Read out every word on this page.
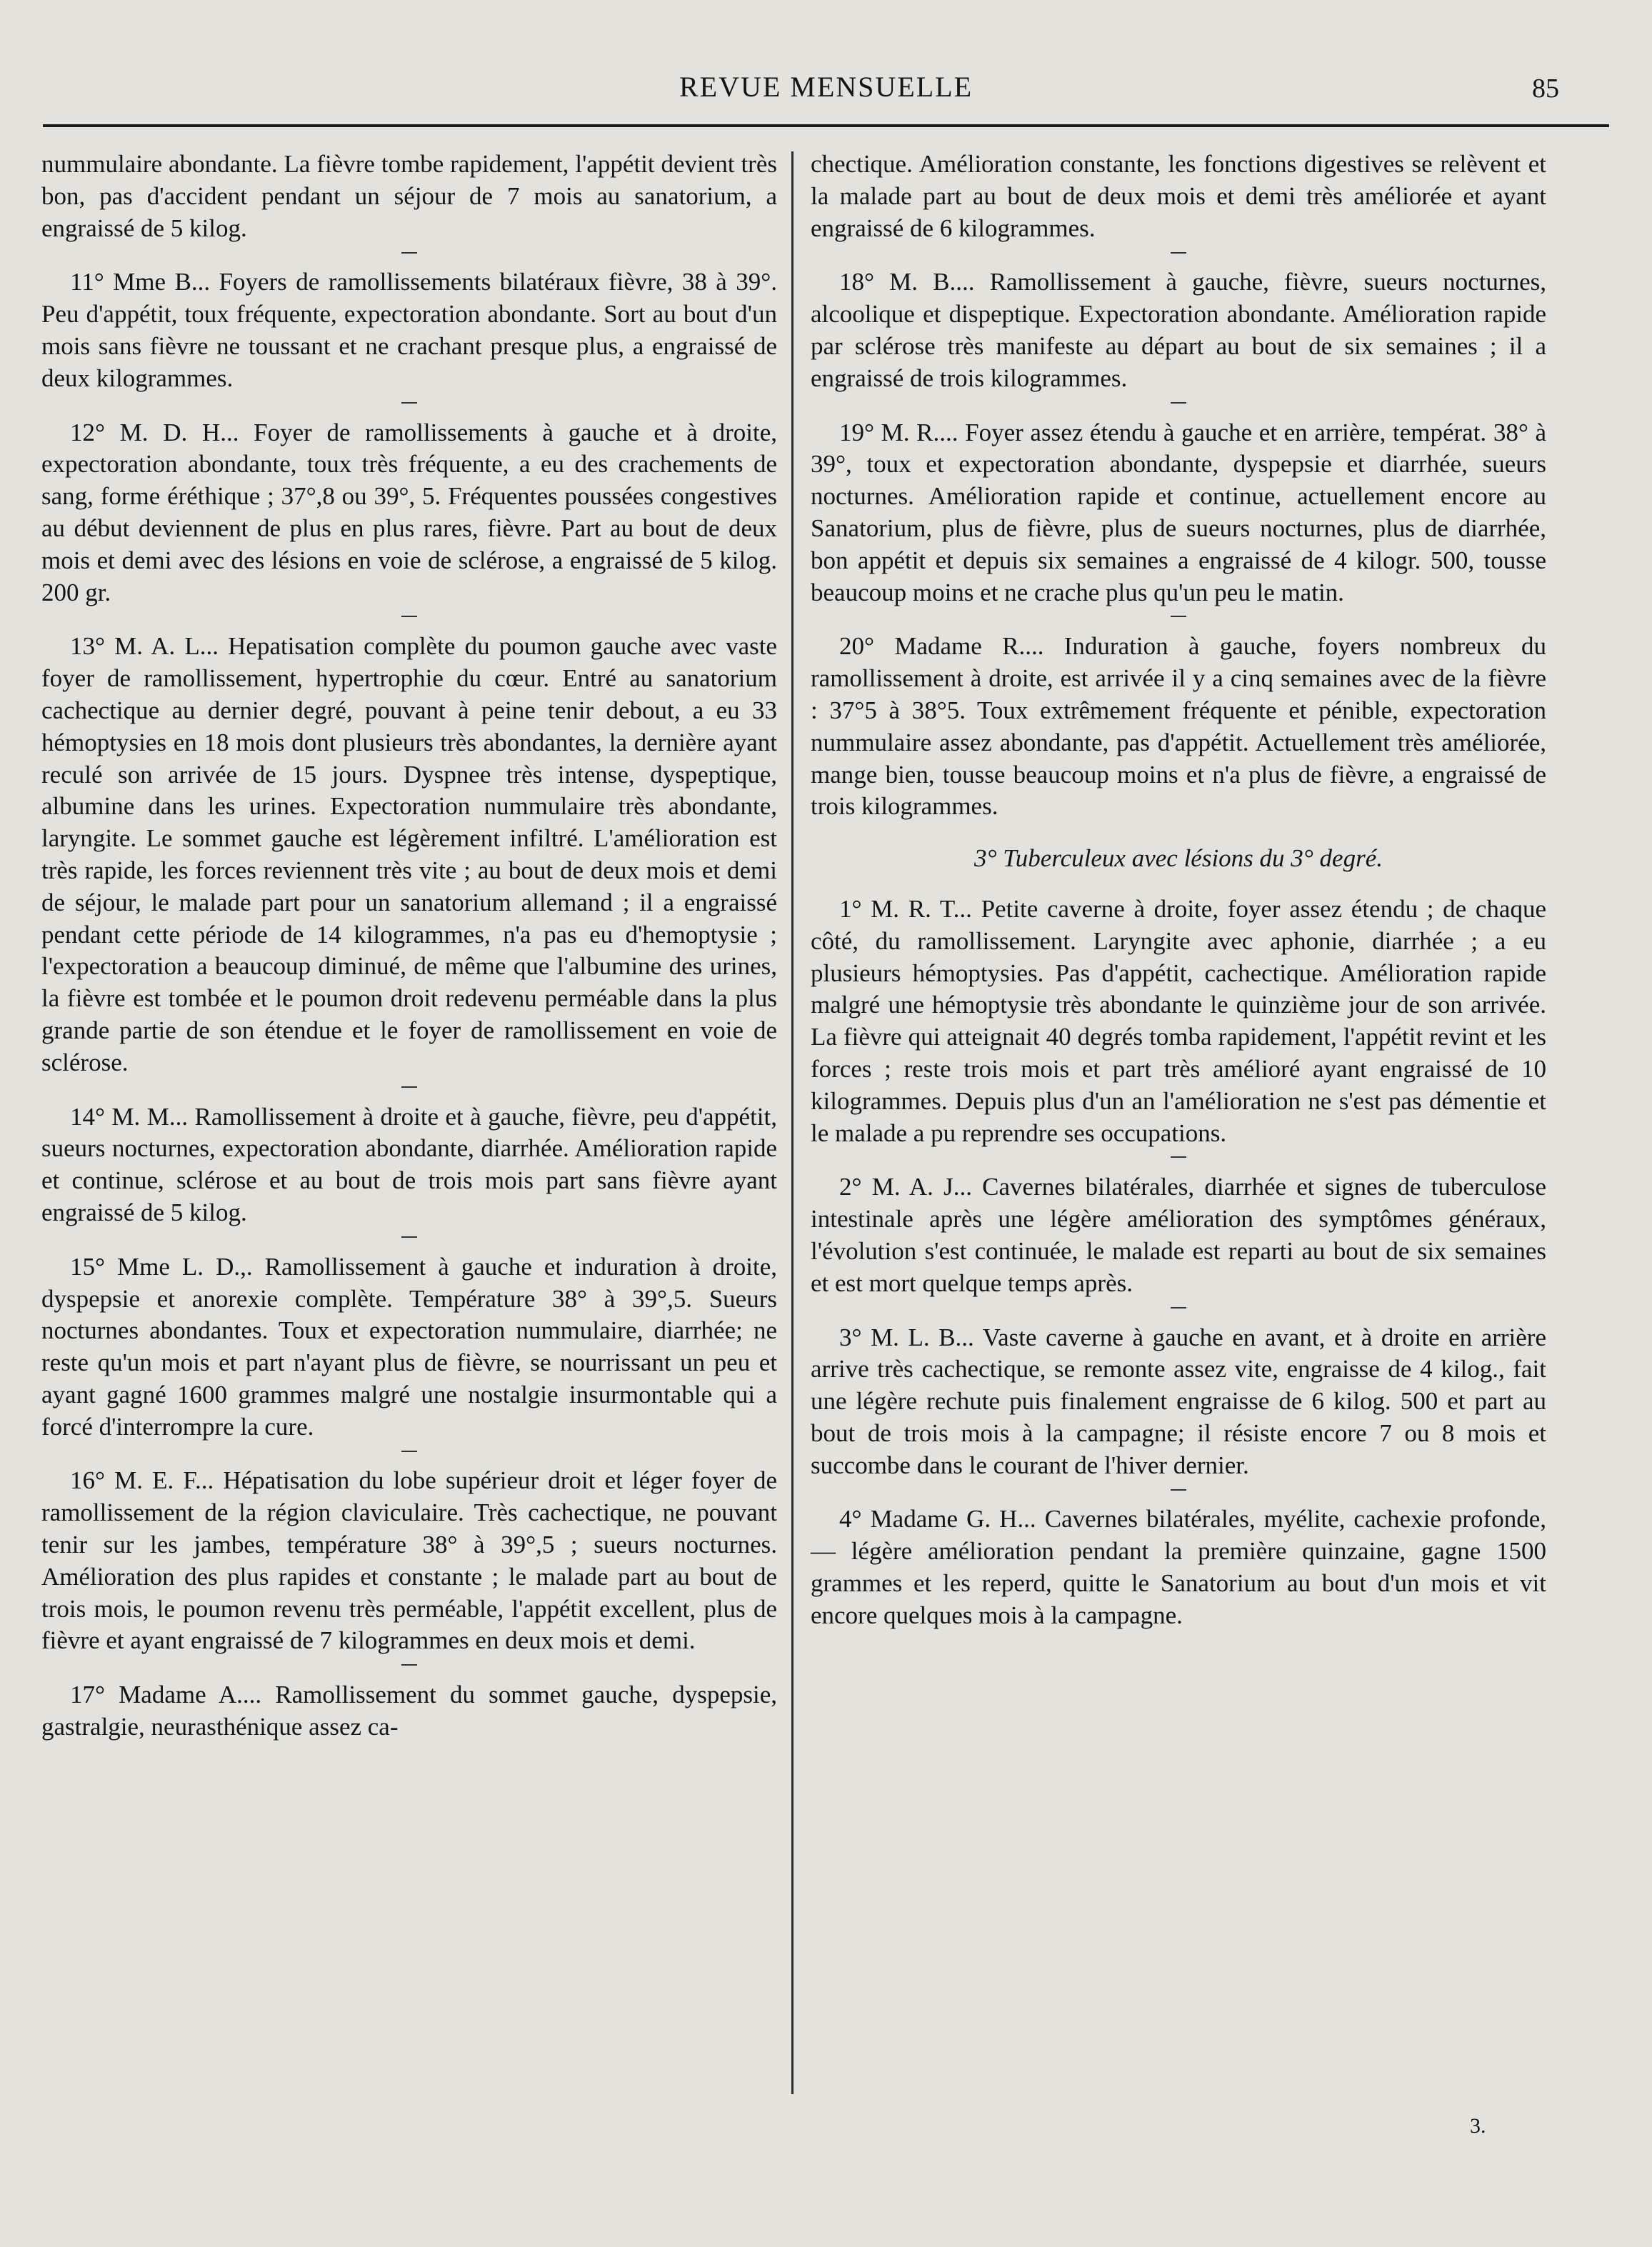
REVUE MENSUELLE	85

nummulaire abondante. La fièvre tombe rapidement, l'appétit devient très bon, pas d'accident pendant un séjour de 7 mois au sanatorium, a engraissé de 5 kilog.

11° Mme B... Foyers de ramollissements bilatéraux fièvre, 38 à 39°. Peu d'appétit, toux fréquente, expectoration abondante. Sort au bout d'un mois sans fièvre ne toussant et ne crachant presque plus, a engraissé de deux kilogrammes.

12° M. D. H... Foyer de ramollissements à gauche et à droite, expectoration abondante, toux très fréquente, a eu des crachements de sang, forme éréthique ; 37°,8 ou 39°, 5. Fréquentes poussées congestives au début deviennent de plus en plus rares, fièvre. Part au bout de deux mois et demi avec des lésions en voie de sclérose, a engraissé de 5 kilog. 200 gr.

13° M. A. L... Hepatisation complète du poumon gauche avec vaste foyer de ramollissement, hypertrophie du cœur. Entré au sanatorium cachectique au dernier degré, pouvant à peine tenir debout, a eu 33 hémoptysies en 18 mois dont plusieurs très abondantes, la dernière ayant reculé son arrivée de 15 jours. Dyspnee très intense, dyspeptique, albumine dans les urines. Expectoration nummulaire très abondante, laryngite. Le sommet gauche est légèrement infiltré. L'amélioration est très rapide, les forces reviennent très vite ; au bout de deux mois et demi de séjour, le malade part pour un sanatorium allemand ; il a engraissé pendant cette période de 14 kilogrammes, n'a pas eu d'hemoptysie ; l'expectoration a beaucoup diminué, de même que l'albumine des urines, la fièvre est tombée et le poumon droit redevenu perméable dans la plus grande partie de son étendue et le foyer de ramollissement en voie de sclérose.

14° M. M... Ramollissement à droite et à gauche, fièvre, peu d'appétit, sueurs nocturnes, expectoration abondante, diarrhée. Amélioration rapide et continue, sclérose et au bout de trois mois part sans fièvre ayant engraissé de 5 kilog.

15° Mme L. D.,. Ramollissement à gauche et induration à droite, dyspepsie et anorexie complète. Température 38° à 39°,5. Sueurs nocturnes abondantes. Toux et expectoration nummulaire, diarrhée; ne reste qu'un mois et part n'ayant plus de fièvre, se nourrissant un peu et ayant gagné 1600 grammes malgré une nostalgie insurmontable qui a forcé d'interrompre la cure.

16° M. E. F... Hépatisation du lobe supérieur droit et léger foyer de ramollissement de la région claviculaire. Très cachectique, ne pouvant tenir sur les jambes, température 38° à 39°,5 ; sueurs nocturnes. Amélioration des plus rapides et constante ; le malade part au bout de trois mois, le poumon revenu très perméable, l'appétit excellent, plus de fièvre et ayant engraissé de 7 kilogrammes en deux mois et demi.

17° Madame A.... Ramollissement du sommet gauche, dyspepsie, gastralgie, neurasthénique assez ca-

chectique. Amélioration constante, les fonctions digestives se relèvent et la malade part au bout de deux mois et demi très améliorée et ayant engraissé de 6 kilogrammes.

18° M. B.... Ramollissement à gauche, fièvre, sueurs nocturnes, alcoolique et dispeptique. Expectoration abondante. Amélioration rapide par sclérose très manifeste au départ au bout de six semaines ; il a engraissé de trois kilogrammes.

19° M. R.... Foyer assez étendu à gauche et en arrière, températ. 38° à 39°, toux et expectoration abondante, dyspepsie et diarrhée, sueurs nocturnes. Amélioration rapide et continue, actuellement encore au Sanatorium, plus de fièvre, plus de sueurs nocturnes, plus de diarrhée, bon appétit et depuis six semaines a engraissé de 4 kilogr. 500, tousse beaucoup moins et ne crache plus qu'un peu le matin.

20° Madame R.... Induration à gauche, foyers nombreux du ramollissement à droite, est arrivée il y a cinq semaines avec de la fièvre : 37°5 à 38°5. Toux extrêmement fréquente et pénible, expectoration nummulaire assez abondante, pas d'appétit. Actuellement très améliorée, mange bien, tousse beaucoup moins et n'a plus de fièvre, a engraissé de trois kilogrammes.

3° Tuberculeux avec lésions du 3° degré.

1° M. R. T... Petite caverne à droite, foyer assez étendu ; de chaque côté, du ramollissement. Laryngite avec aphonie, diarrhée ; a eu plusieurs hémoptysies. Pas d'appétit, cachectique. Amélioration rapide malgré une hémoptysie très abondante le quinzième jour de son arrivée. La fièvre qui atteignait 40 degrés tomba rapidement, l'appétit revint et les forces ; reste trois mois et part très amélioré ayant engraissé de 10 kilogrammes. Depuis plus d'un an l'amélioration ne s'est pas démentie et le malade a pu reprendre ses occupations.

2° M. A. J... Cavernes bilatérales, diarrhée et signes de tuberculose intestinale après une légère amélioration des symptômes généraux, l'évolution s'est continuée, le malade est reparti au bout de six semaines et est mort quelque temps après.

3° M. L. B... Vaste caverne à gauche en avant, et à droite en arrière arrive très cachectique, se remonte assez vite, engraisse de 4 kilog., fait une légère rechute puis finalement engraisse de 6 kilog. 500 et part au bout de trois mois à la campagne; il résiste encore 7 ou 8 mois et succombe dans le courant de l'hiver dernier.

4° Madame G. H... Cavernes bilatérales, myélite, cachexie profonde, — légère amélioration pendant la première quinzaine, gagne 1500 grammes et les reperd, quitte le Sanatorium au bout d'un mois et vit encore quelques mois à la campagne.

3.
